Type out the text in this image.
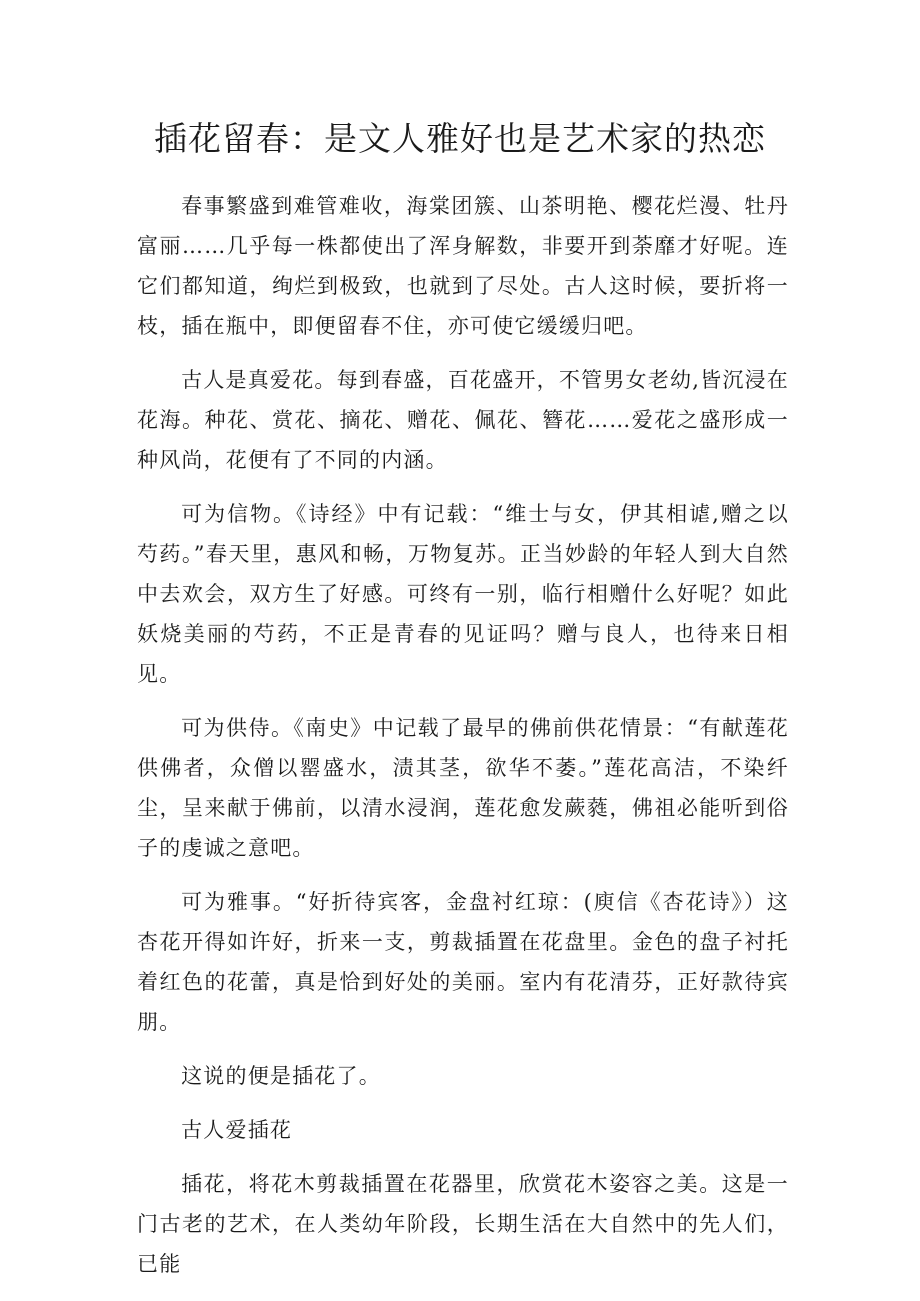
插花留春：是文人雅好也是艺术家的热恋

春事繁盛到难管难收，海棠团簇、山茶明艳、樱花烂漫、牡丹富丽……几乎每一株都使出了浑身解数，非要开到荼靡才好呢。连它们都知道，绚烂到极致，也就到了尽处。古人这时候，要折将一枝，插在瓶中，即便留春不住，亦可使它缓缓归吧。

古人是真爱花。每到春盛，百花盛开，不管男女老幼,皆沉浸在花海。种花、赏花、摘花、赠花、佩花、簪花……爱花之盛形成一种风尚，花便有了不同的内涵。

可为信物。《诗经》中有记载：“维士与女，伊其相谑,赠之以芍药。”春天里，惠风和畅，万物复苏。正当妙龄的年轻人到大自然中去欢会，双方生了好感。可终有一别，临行相赠什么好呢？如此妖烧美丽的芍药，不正是青春的见证吗？赠与良人，也待来日相见。

可为供侍。《南史》中记载了最早的佛前供花情景：“有献莲花供佛者，众僧以罂盛水，渍其茎，欲华不萎。”莲花高洁，不染纤尘，呈来献于佛前，以清水浸润，莲花愈发蕨蕤，佛祖必能听到俗子的虔诚之意吧。

可为雅事。“好折待宾客，金盘衬红琼：(庾信《杏花诗》）这杏花开得如许好，折来一支，剪裁插置在花盘里。金色的盘子衬托着红色的花蕾，真是恰到好处的美丽。室内有花清芬，正好款待宾朋。

这说的便是插花了。

古人爱插花

插花，将花木剪裁插置在花器里，欣赏花木姿容之美。这是一门古老的艺术，在人类幼年阶段，长期生活在大自然中的先人们，已能
